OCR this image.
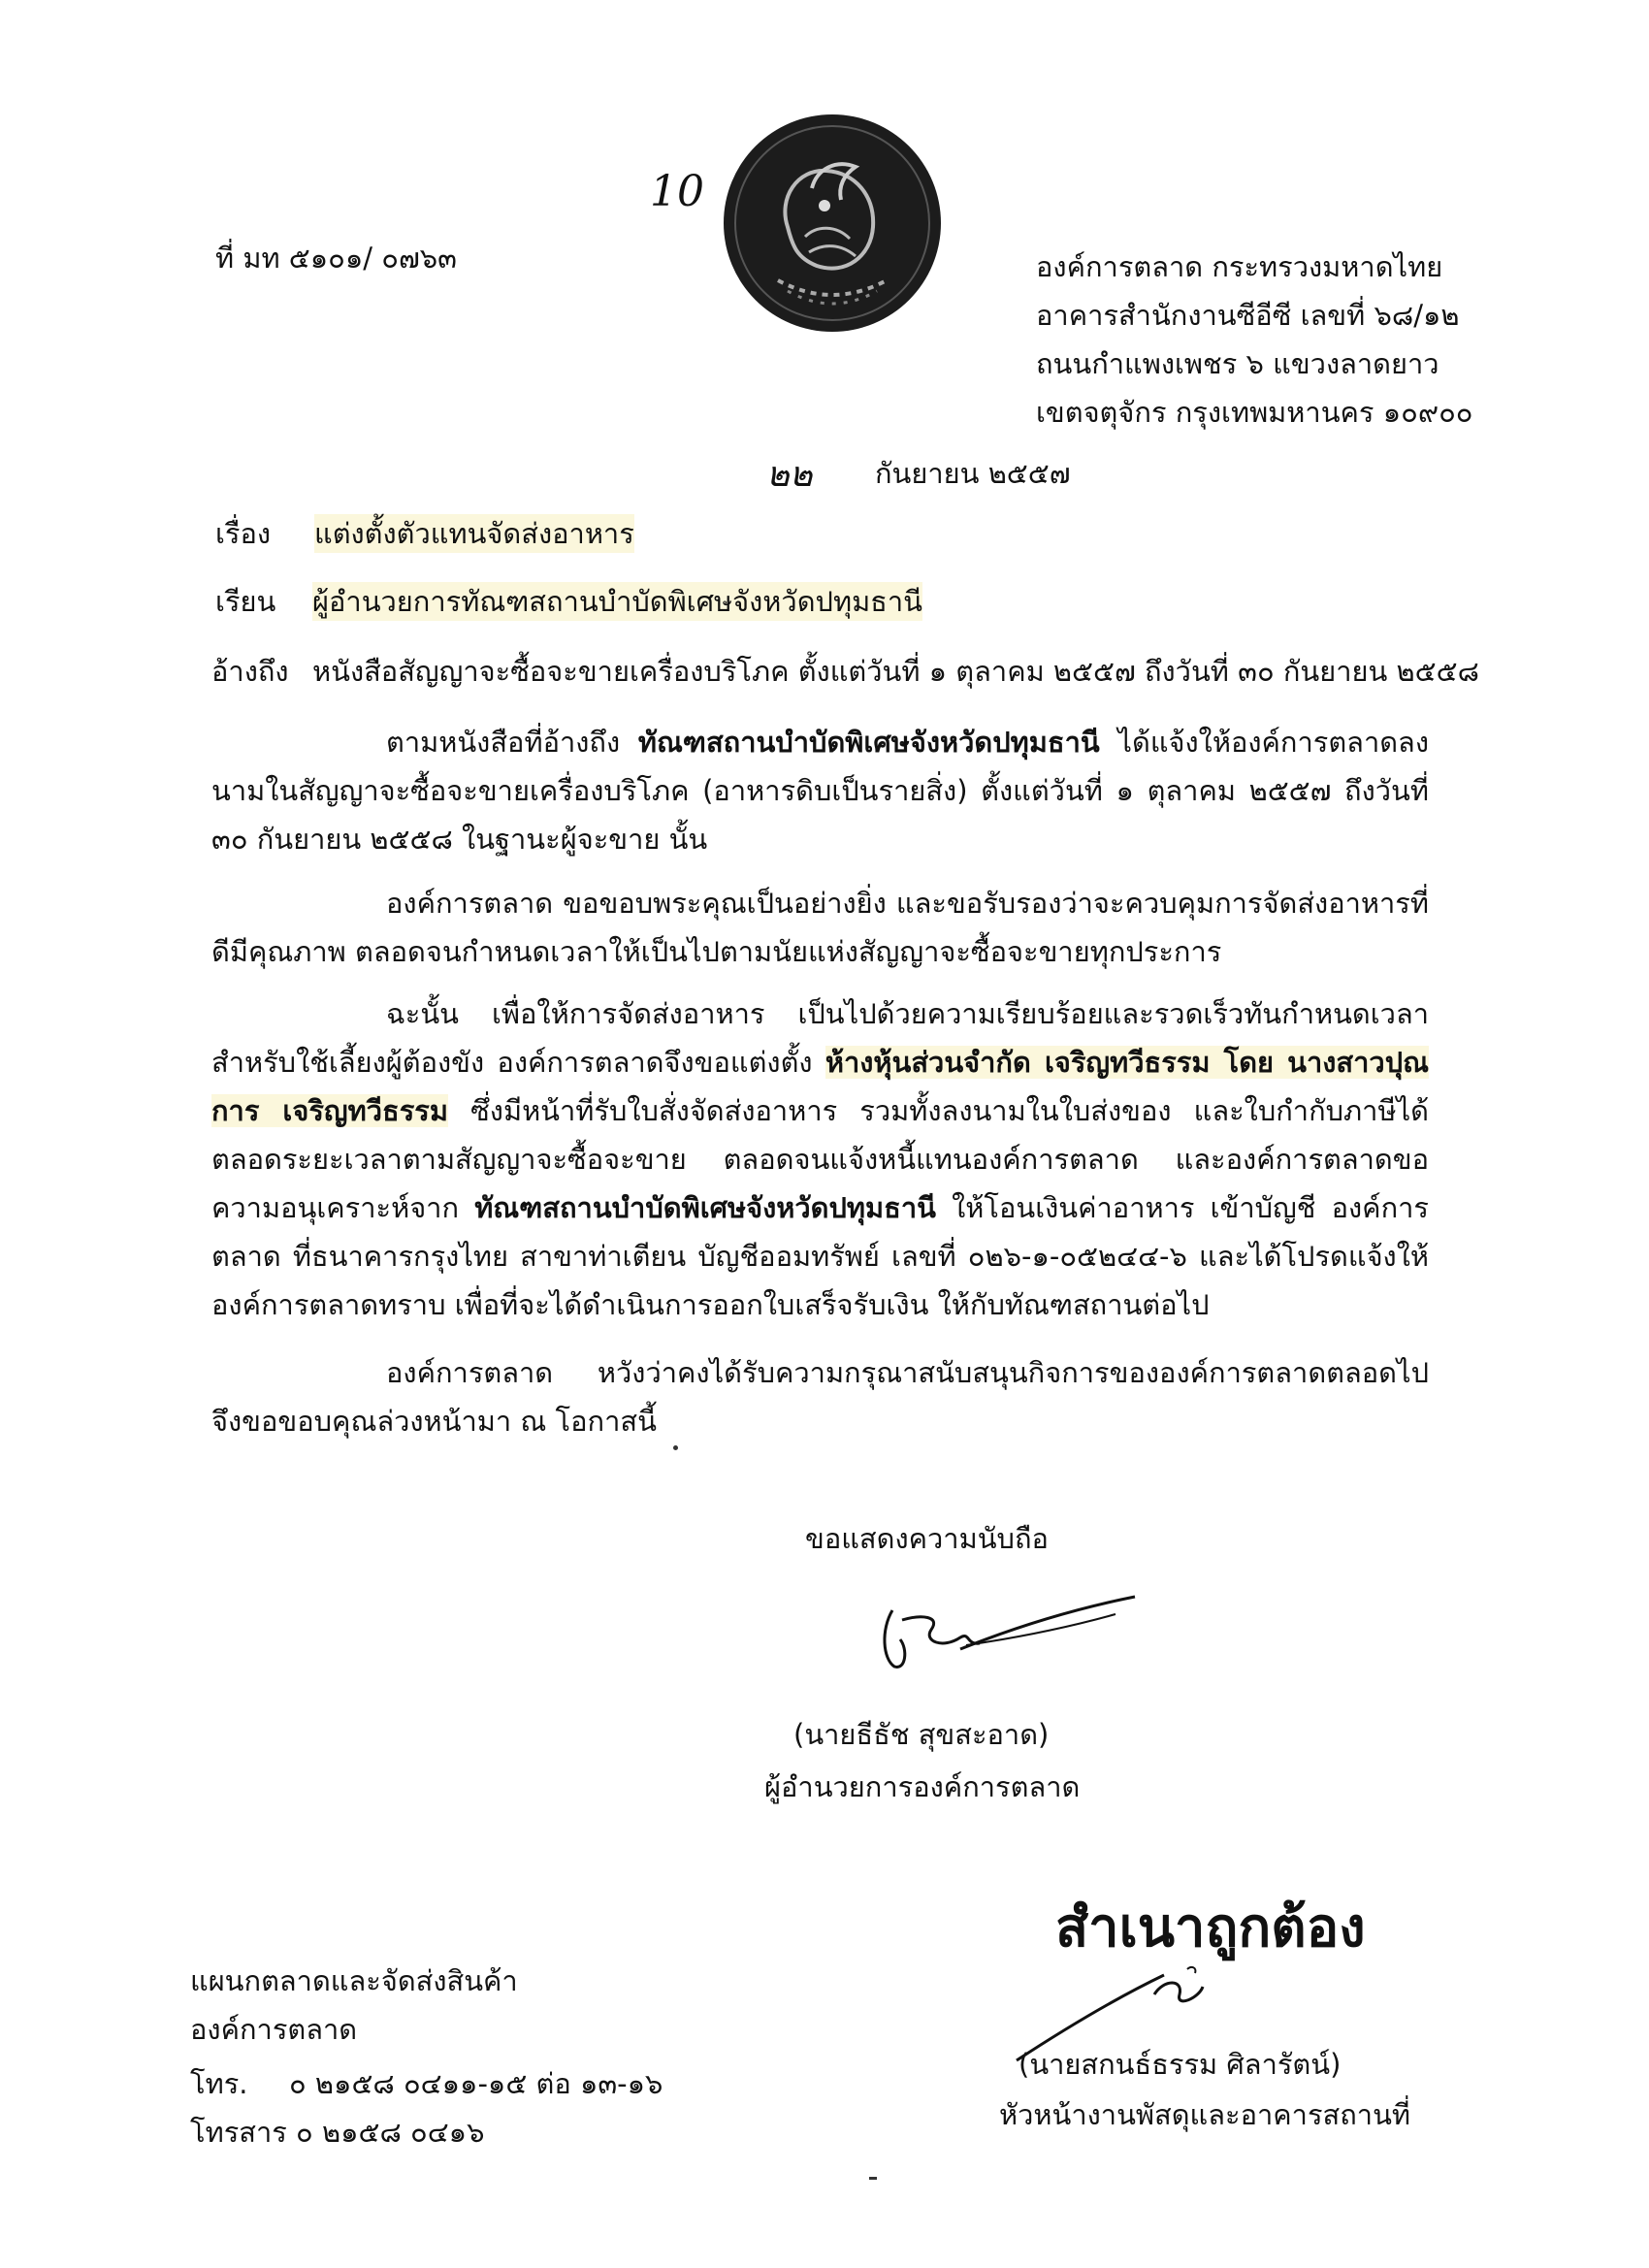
ที่ มท ๕๑๐๑/ ๐๗๖๓
10
องค์การตลาด กระทรวงมหาดไทย
อาคารสำนักงานซีอีซี เลขที่ ๖๘/๑๒
ถนนกำแพงเพชร ๖ แขวงลาดยาว
เขตจตุจักร กรุงเทพมหานคร ๑๐๙๐๐
๒๒ กันยายน ๒๕๕๗
เรื่อง แต่งตั้งตัวแทนจัดส่งอาหาร
เรียน ผู้อำนวยการทัณฑสถานบำบัดพิเศษจังหวัดปทุมธานี
อ้างถึง หนังสือสัญญาจะซื้อจะขายเครื่องบริโภค ตั้งแต่วันที่ ๑ ตุลาคม ๒๕๕๗ ถึงวันที่ ๓๐ กันยายน ๒๕๕๘
ตามหนังสือที่อ้างถึง ทัณฑสถานบำบัดพิเศษจังหวัดปทุมธานี ได้แจ้งให้องค์การตลาดลงนามในสัญญาจะซื้อจะขายเครื่องบริโภค (อาหารดิบเป็นรายสิ่ง) ตั้งแต่วันที่ ๑ ตุลาคม ๒๕๕๗ ถึงวันที่ ๓๐ กันยายน ๒๕๕๘ ในฐานะผู้จะขาย นั้น
องค์การตลาด ขอขอบพระคุณเป็นอย่างยิ่ง และขอรับรองว่าจะควบคุมการจัดส่งอาหารที่ดีมีคุณภาพ ตลอดจนกำหนดเวลาให้เป็นไปตามนัยแห่งสัญญาจะซื้อจะขายทุกประการ
ฉะนั้น เพื่อให้การจัดส่งอาหาร เป็นไปด้วยความเรียบร้อยและรวดเร็วทันกำหนดเวลาสำหรับใช้เลี้ยงผู้ต้องขัง องค์การตลาดจึงขอแต่งตั้ง ห้างหุ้นส่วนจำกัด เจริญทวีธรรม โดย นางสาวปุณการ เจริญทวีธรรม ซึ่งมีหน้าที่รับใบสั่งจัดส่งอาหาร รวมทั้งลงนามในใบส่งของ และใบกำกับภาษีได้ตลอดระยะเวลาตามสัญญาจะซื้อจะขาย ตลอดจนแจ้งหนี้แทนองค์การตลาด และองค์การตลาดขอความอนุเคราะห์จาก ทัณฑสถานบำบัดพิเศษจังหวัดปทุมธานี ให้โอนเงินค่าอาหาร เข้าบัญชี องค์การตลาด ที่ธนาคารกรุงไทย สาขาท่าเตียน บัญชีออมทรัพย์ เลขที่ ๐๒๖-๑-๐๕๒๔๔-๖ และได้โปรดแจ้งให้องค์การตลาดทราบ เพื่อที่จะได้ดำเนินการออกใบเสร็จรับเงิน ให้กับทัณฑสถานต่อไป
องค์การตลาด หวังว่าคงได้รับความกรุณาสนับสนุนกิจการขององค์การตลาดตลอดไป จึงขอขอบคุณล่วงหน้ามา ณ โอกาสนี้
ขอแสดงความนับถือ
(นายธีธัช สุขสะอาด)
ผู้อำนวยการองค์การตลาด
สำเนาถูกต้อง
(นายสกนธ์ธรรม ศิลารัตน์)
หัวหน้างานพัสดุและอาคารสถานที่
แผนกตลาดและจัดส่งสินค้า
องค์การตลาด
โทร. ๐ ๒๑๕๘ ๐๔๑๑-๑๕ ต่อ ๑๓-๑๖
โทรสาร ๐ ๒๑๕๘ ๐๔๑๖
